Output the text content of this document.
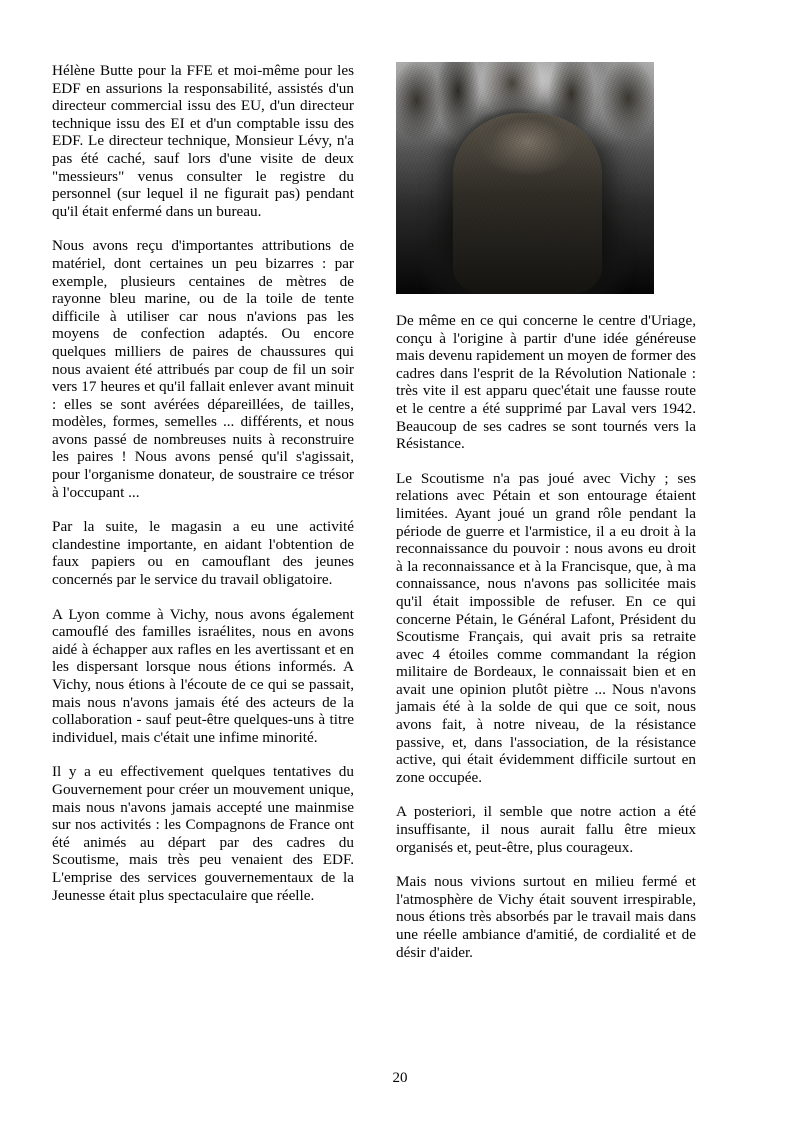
Hélène Butte pour la FFE et moi-même pour les EDF en assurions la responsabilité, assistés d'un directeur commercial issu des EU, d'un directeur technique issu des EI et d'un comptable issu des EDF. Le directeur technique, Monsieur Lévy, n'a pas été caché, sauf lors d'une visite de deux "messieurs" venus consulter le registre du personnel (sur lequel il ne figurait pas) pendant qu'il était enfermé dans un bureau.

Nous avons reçu d'importantes attributions de matériel, dont certaines un peu bizarres : par exemple, plusieurs centaines de mètres de rayonne bleu marine, ou de la toile de tente difficile à utiliser car nous n'avions pas les moyens de confection adaptés. Ou encore quelques milliers de paires de chaussures qui nous avaient été attribués par coup de fil un soir vers 17 heures et qu'il fallait enlever avant minuit : elles se sont avérées dépareillées, de tailles, modèles, formes, semelles ... différents, et nous avons passé de nombreuses nuits à reconstruire les paires ! Nous avons pensé qu'il s'agissait, pour l'organisme donateur, de soustraire ce trésor à l'occupant ...

Par la suite, le magasin a eu une activité clandestine importante, en aidant l'obtention de faux papiers ou en camouflant des jeunes concernés par le service du travail obligatoire.

A Lyon comme à Vichy, nous avons également camouflé des familles israélites, nous en avons aidé à échapper aux rafles en les avertissant et en les dispersant lorsque nous étions informés. A Vichy, nous étions à l'écoute de ce qui se passait, mais nous n'avons jamais été des acteurs de la collaboration - sauf peut-être quelques-uns à titre individuel, mais c'était une infime minorité.

Il y a eu effectivement quelques tentatives du Gouvernement pour créer un mouvement unique, mais nous n'avons jamais accepté une mainmise sur nos activités : les Compagnons de France ont été animés au départ par des cadres du Scoutisme, mais très peu venaient des EDF. L'emprise des services gouvernementaux de la Jeunesse était plus spectaculaire que réelle.

De même en ce qui concerne le centre d'Uriage, conçu à l'origine à partir d'une idée généreuse mais devenu rapidement un moyen de former des cadres dans l'esprit de la Révolution Nationale : très vite il est apparu quec'était une fausse route et le centre a été supprimé par Laval vers 1942. Beaucoup de ses cadres se sont tournés vers la Résistance.

Le Scoutisme n'a pas joué avec Vichy ; ses relations avec Pétain et son entourage étaient limitées. Ayant joué un grand rôle pendant la période de guerre et l'armistice, il a eu droit à la reconnaissance du pouvoir : nous avons eu droit à la reconnaissance et à la Francisque, que, à ma connaissance, nous n'avons pas sollicitée mais qu'il était impossible de refuser. En ce qui concerne Pétain, le Général Lafont, Président du Scoutisme Français, qui avait pris sa retraite avec 4 étoiles comme commandant la région militaire de Bordeaux, le connaissait bien et en avait une opinion plutôt piètre ... Nous n'avons jamais été à la solde de qui que ce soit, nous avons fait, à notre niveau, de la résistance passive, et, dans l'association, de la résistance active, qui était évidemment difficile surtout en zone occupée.

A posteriori, il semble que notre action a été insuffisante, il nous aurait fallu être mieux organisés et, peut-être, plus courageux.

Mais nous vivions surtout en milieu fermé et l'atmosphère de Vichy était souvent irrespirable, nous étions très absorbés par le travail mais dans une réelle ambiance d'amitié, de cordialité et de désir d'aider.

20
